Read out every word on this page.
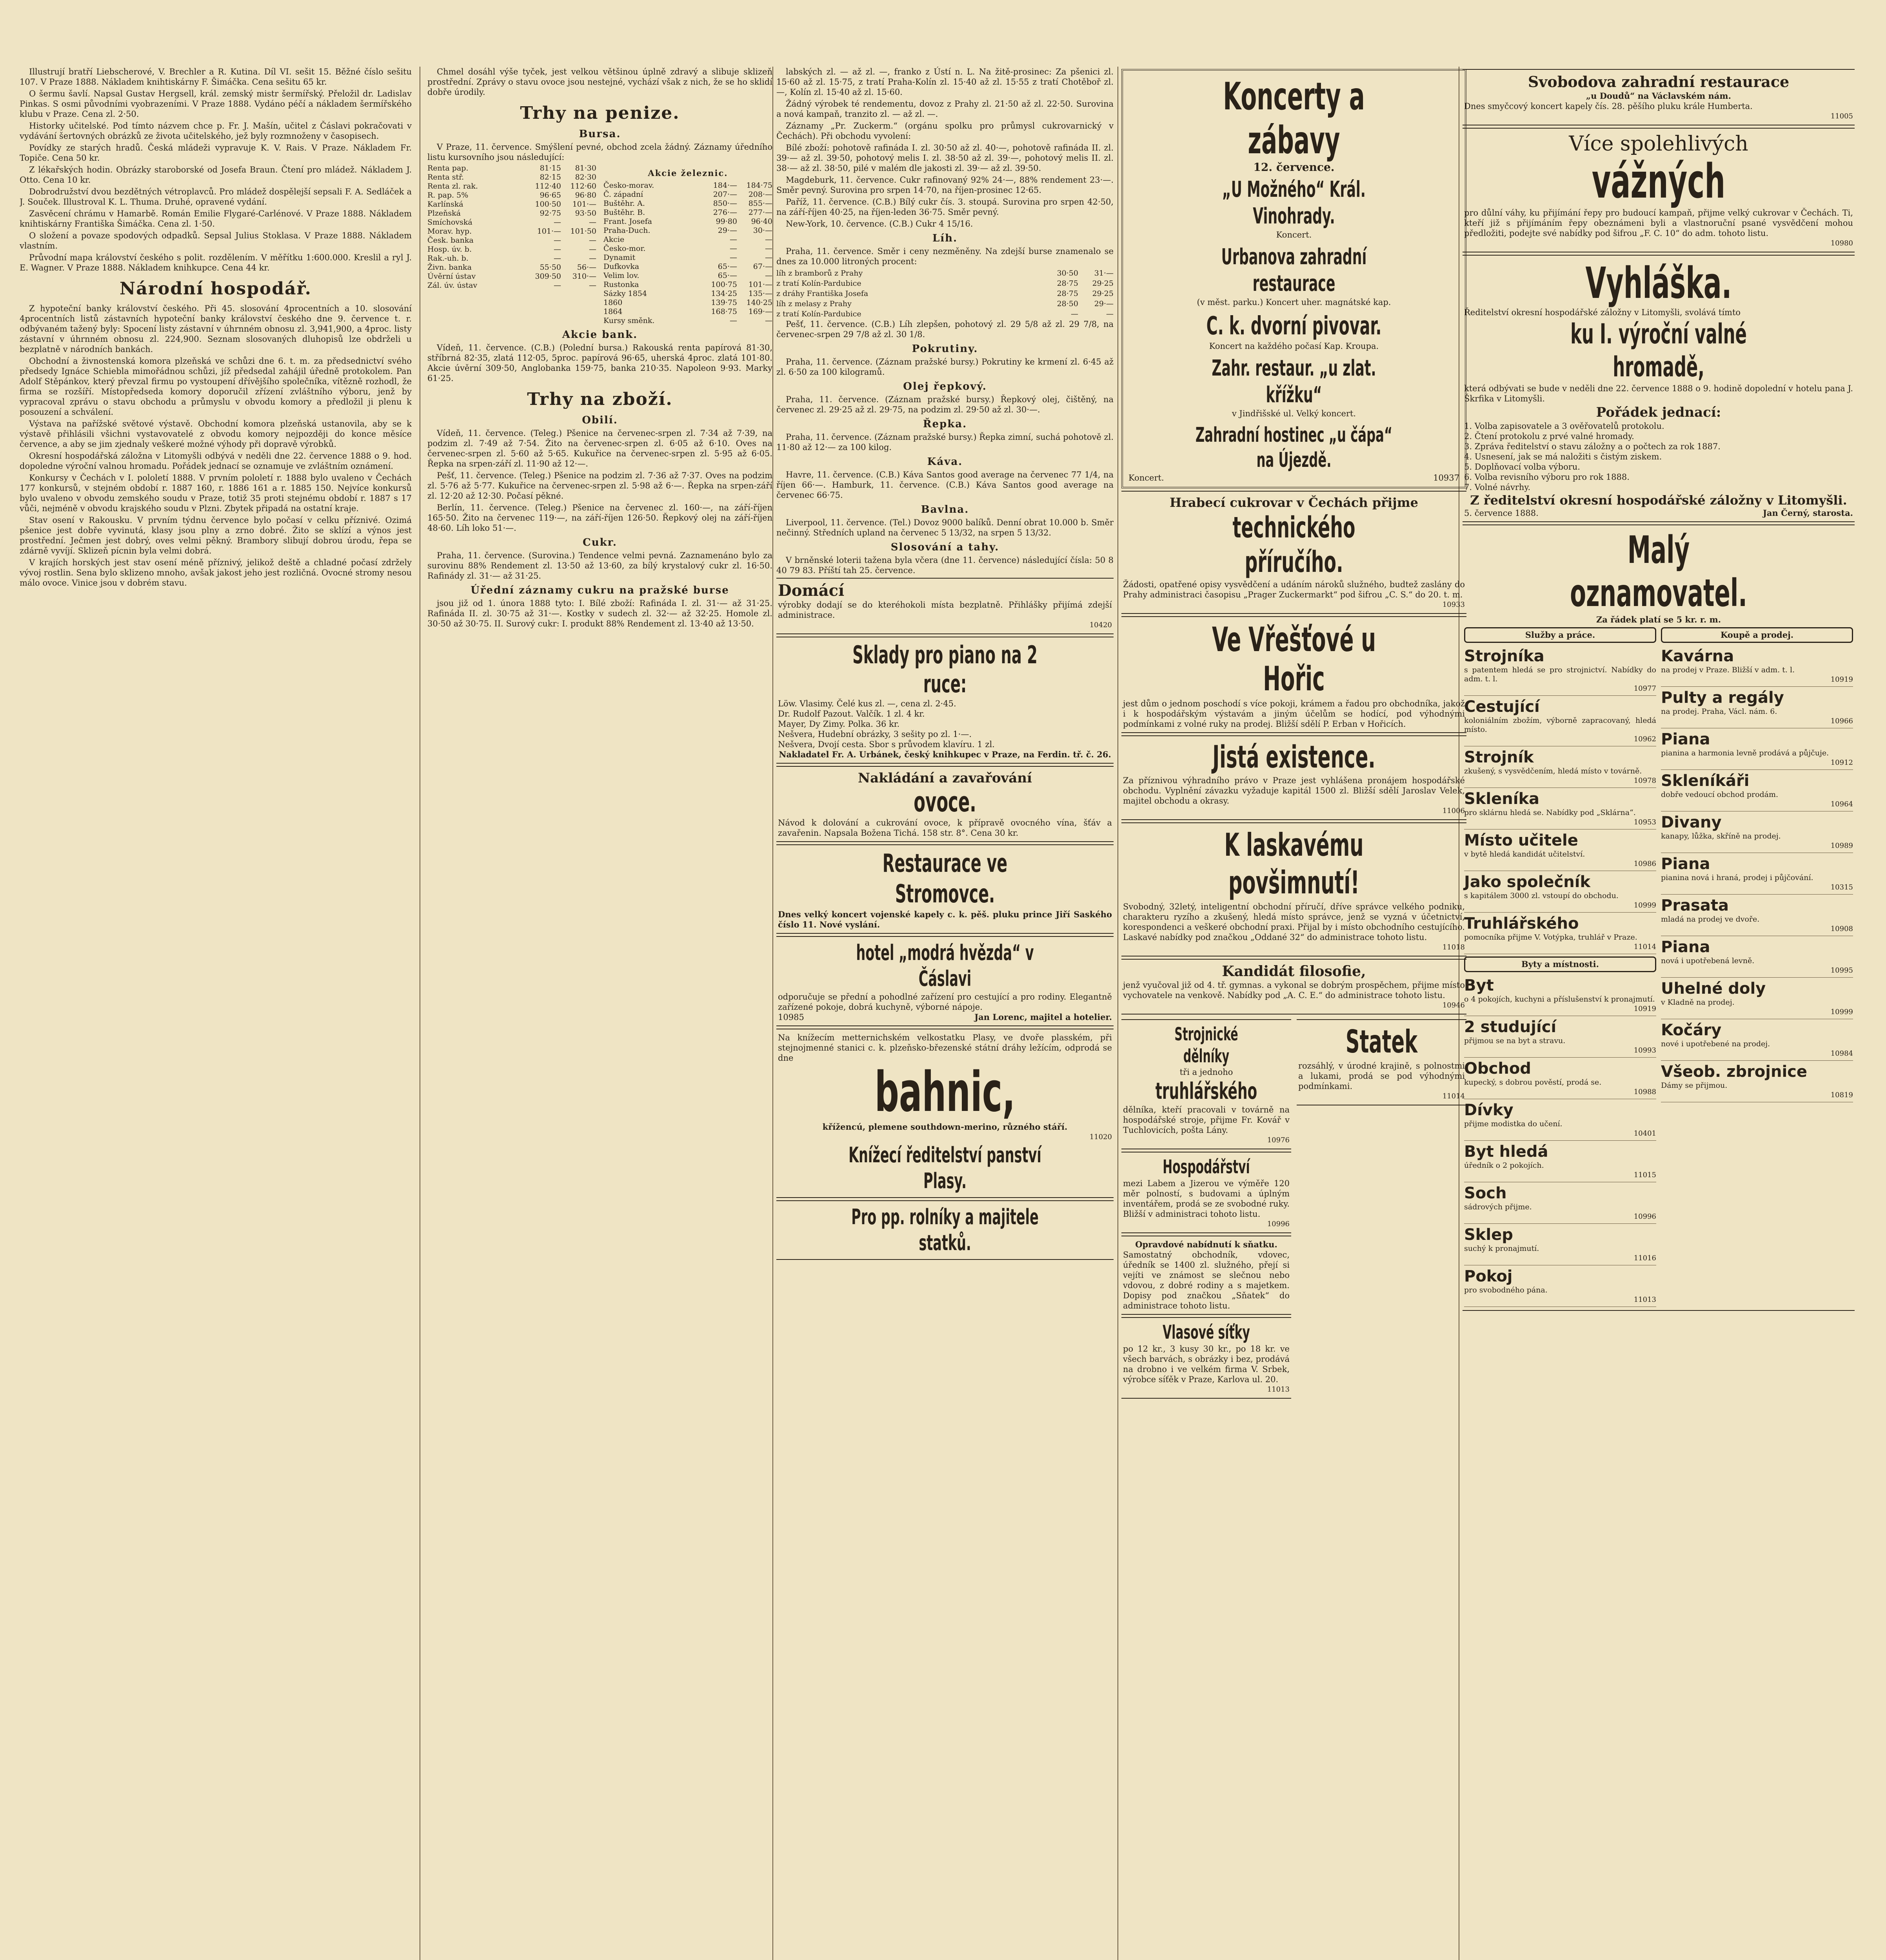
Illustrují bratří Liebscherové, V. Brechler a R. Kutina. Díl VI. sešit 15. Běžné číslo sešitu 107. V Praze 1888. Nákladem knihtiskárny F. Šimáčka. Cena sešitu 65 kr.

O šermu šavlí. Napsal Gustav Hergsell, král. zemský mistr šermířský. Přeložil dr. Ladislav Pinkas. S osmi původními vyobrazeními. V Praze 1888. Vydáno péčí a nákladem šermířského klubu v Praze. Cena zl. 2·50.

Historky učitelské. Pod tímto názvem chce p. Fr. J. Mašín, učitel z Čáslavi pokračovati v vydávání šertovných obrázků ze života učitelského, jež byly rozmnoženy v časopisech.

Povídky ze starých hradů. Česká mládeži vypravuje K. V. Rais. V Praze. Nákladem Fr. Topiče. Cena 50 kr.

Z lékařských hodin. Obrázky staroborské od Josefa Braun. Čtení pro mládež. Nákladem J. Otto. Cena 10 kr.

Dobrodružství dvou bezdětných vétroplavců. Pro mládež dospělejší sepsali F. A. Sedláček a J. Souček. Illustroval K. L. Thuma. Druhé, opravené vydání.

Zasvěcení chrámu v Hamarbě. Román Emilie Flygaré-Carlénové. V Praze 1888. Nákladem knihtiskárny Františka Šimáčka. Cena zl. 1·50.

O složení a povaze spodových odpadků. Sepsal Julius Stoklasa. V Praze 1888. Nákladem vlastním.

Průvodní mapa království českého s polit. rozdělením. V měřítku 1:600.000. Kreslil a ryl J. E. Wagner. V Praze 1888. Nákladem knihkupce. Cena 44 kr.

Národní hospodář.

Z hypoteční banky království českého. Při 45. slosování 4procentních a 10. slosování 4procentních listů zástavních hypoteční banky království českého dne 9. července t. r. odbývaném tažený byly: Spocení listy zástavní v úhrnném obnosu zl. 3,941,900, a 4proc. listy zástavní v úhrnném obnosu zl. 224,900. Seznam slosovaných dluhopisů lze obdrželi u bezplatně v národních bankách.

Obchodní a živnostenská komora plzeňská ve schůzi dne 6. t. m. za předsednictví svého předsedy Ignáce Schiebla mimořádnou schůzi, jíž předsedal zahájil úředně protokolem. Pan Adolf Stěpánkov, který převzal firmu po vystoupení dřívějšího společníka, vítězně rozhodl, že firma se rozšíří. Místopředseda komory doporučil zřízení zvláštního výboru, jenž by vypracoval zprávu o stavu obchodu a průmyslu v obvodu komory a předložil ji plenu k posouzení a schválení.

Výstava na pařížské světové výstavě. Obchodní komora plzeňská ustanovila, aby se k výstavě přihlásili všichni vystavovatelé z obvodu komory nejpozději do konce měsíce července, a aby se jim zjednaly veškeré možné výhody při dopravě výrobků.

Okresní hospodářská záložna v Litomyšli odbývá v neděli dne 22. července 1888 o 9. hod. dopoledne výroční valnou hromadu. Pořádek jednací se oznamuje ve zvláštním oznámení.

Konkursy v Čechách v I. pololetí 1888. V prvním pololetí r. 1888 bylo uvaleno v Čechách 177 konkursů, v stejném období r. 1887 160, r. 1886 161 a r. 1885 150. Nejvíce konkursů bylo uvaleno v obvodu zemského soudu v Praze, totiž 35 proti stejnému období r. 1887 s 17 vůči, nejméně v obvodu krajského soudu v Plzni. Zbytek připadá na ostatní kraje.

Stav osení v Rakousku. V prvním týdnu července bylo počasí v celku příznivé. Ozimá pšenice jest dobře vyvinutá, klasy jsou plny a zrno dobré. Žito se sklízí a výnos jest prostřední. Ječmen jest dobrý, oves velmi pěkný. Brambory slibují dobrou úrodu, řepa se zdárně vyvíjí. Sklizeň pícnin byla velmi dobrá.

V krajích horských jest stav osení méně příznivý, jelikož deště a chladné počasí zdržely vývoj rostlin. Sena bylo sklizeno mnoho, avšak jakost jeho jest rozličná. Ovocné stromy nesou málo ovoce. Vinice jsou v dobrém stavu.

Chmel dosáhl výše tyček, jest velkou většinou úplně zdravý a slibuje sklizeň prostřední. Zprávy o stavu ovoce jsou nestejné, vychází však z nich, že se ho sklidí dobře úrodily.

Trhy na penize.
Bursa.

V Praze, 11. července. Smýšlení pevné, obchod zcela žádný. Záznamy úředního listu kursovního jsou následující:

Renta pap.	81·15	81·30
Renta stř.	82·15	82·30
Renta zl. rak.	112·40	112·60
R. pap. 5%	96·65	96·80
Karlínská	100·50	101·—
Plzeňská	92·75	93·50
Smíchovská	—	—
Morav. hyp.	101·—	101·50
Česk. banka	—	—
Hosp. úv. b.	—	—
Rak.-uh. b.	—	—
Živn. banka	55·50	56·—
Úvěrní ústav	309·50	310·—
Zál. úv. ústav	—	—
Akcie železnic.
Česko-morav.	184·—	184·75
Č. západní	207·—	208·—
Buštěhr. A.	850·—	855·—
Buštěhr. B.	276·—	277·—
Frant. Josefa	99·80	96·40
Praha-Duch.	29·—	30·—
Akcie	—	—
Česko-mor.	—	—
Dynamit	—	—
Dufkovka	65·—	67·—
Velim lov.	65·—	—
Rustonka	100·75	101·—
Sázky 1854	134·25	135·—
1860	139·75	140·25
1864	168·75	169·—
Kursy směnk.	—	—
Akcie bank.

Vídeň, 11. července. (C.B.) (Polední bursa.) Rakouská renta papírová 81·30, stříbrná 82·35, zlatá 112·05, 5proc. papírová 96·65, uherská 4proc. zlatá 101·80. Akcie úvěrní 309·50, Anglobanka 159·75, banka 210·35. Napoleon 9·93. Marky 61·25.

Trhy na zboží.
Obilí.

Vídeň, 11. července. (Teleg.) Pšenice na červenec-srpen zl. 7·34 až 7·39, na podzim zl. 7·49 až 7·54. Žito na červenec-srpen zl. 6·05 až 6·10. Oves na červenec-srpen zl. 5·60 až 5·65. Kukuřice na červenec-srpen zl. 5·95 až 6·05. Řepka na srpen-září zl. 11·90 až 12·—.

Pešť, 11. července. (Teleg.) Pšenice na podzim zl. 7·36 až 7·37. Oves na podzim zl. 5·76 až 5·77. Kukuřice na červenec-srpen zl. 5·98 až 6·—. Řepka na srpen-září zl. 12·20 až 12·30. Počasí pěkné.

Berlín, 11. července. (Teleg.) Pšenice na červenec zl. 160·—, na září-říjen 165·50. Žito na červenec 119·—, na září-říjen 126·50. Řepkový olej na září-říjen 48·60. Líh loko 51·—.

Cukr.

Praha, 11. července. (Surovina.) Tendence velmi pevná. Zaznamenáno bylo za surovinu 88% Rendement zl. 13·50 až 13·60, za bílý krystalový cukr zl. 16·50. Rafinády zl. 31·— až 31·25.

Úřední záznamy cukru na pražské burse

jsou již od 1. února 1888 tyto: I. Bílé zboží: Rafináda I. zl. 31·— až 31·25. Rafináda II. zl. 30·75 až 31·—. Kostky v sudech zl. 32·— až 32·25. Homole zl. 30·50 až 30·75. II. Surový cukr: I. produkt 88% Rendement zl. 13·40 až 13·50.

labských zl. — až zl. —, franko z Ústí n. L. Na žitě-prosinec: Za pšenici zl. 15·60 až zl. 15·75, z tratí Praha-Kolín zl. 15·40 až zl. 15·55 z tratí Chotěboř zl. —, Kolín zl. 15·40 až zl. 15·60.

Žádný výrobek té rendementu, dovoz z Prahy zl. 21·50 až zl. 22·50. Surovina a nová kampaň, tranzito zl. — až zl. —.

Záznamy „Pr. Zuckerm.“ (orgánu spolku pro průmysl cukrovarnický v Čechách). Při obchodu vyvolení:

Bílé zboží: pohotově rafináda I. zl. 30·50 až zl. 40·—, pohotově rafináda II. zl. 39·— až zl. 39·50, pohotový melis I. zl. 38·50 až zl. 39·—, pohotový melis II. zl. 38·— až zl. 38·50, pilé v malém dle jakosti zl. 39·— až zl. 39·50.

Magdeburk, 11. července. Cukr rafinovaný 92% 24·—, 88% rendement 23·—. Směr pevný. Surovina pro srpen 14·70, na říjen-prosinec 12·65.

Paříž, 11. července. (C.B.) Bílý cukr čís. 3. stoupá. Surovina pro srpen 42·50, na září-říjen 40·25, na říjen-leden 36·75. Směr pevný.

New-York, 10. července. (C.B.) Cukr 4 15/16.

Líh.

Praha, 11. července. Směr i ceny nezměněny. Na zdejší burse znamenalo se dnes za 10.000 litroných procent:

líh z bramborů z Prahy	30·50	31·—
z tratí Kolín-Pardubice	28·75	29·25
z dráhy Františka Josefa	28·75	29·25
líh z melasy z Prahy	28·50	29·—
z tratí Kolín-Pardubice	—	—

Pešť, 11. července. (C.B.) Líh zlepšen, pohotový zl. 29 5/8 až zl. 29 7/8, na červenec-srpen 29 7/8 až zl. 30 1/8.

Pokrutiny.

Praha, 11. července. (Záznam pražské bursy.) Pokrutiny ke krmení zl. 6·45 až zl. 6·50 za 100 kilogramů.

Olej řepkový.

Praha, 11. července. (Záznam pražské bursy.) Řepkový olej, čištěný, na červenec zl. 29·25 až zl. 29·75, na podzim zl. 29·50 až zl. 30·—.

Řepka.

Praha, 11. července. (Záznam pražské bursy.) Řepka zimní, suchá pohotově zl. 11·80 až 12·— za 100 kilog.

Káva.

Havre, 11. července. (C.B.) Káva Santos good average na červenec 77 1/4, na říjen 66·—. Hamburk, 11. července. (C.B.) Káva Santos good average na červenec 66·75.

Bavlna.

Liverpool, 11. července. (Tel.) Dovoz 9000 balíků. Denní obrat 10.000 b. Směr nečinný. Středních upland na červenec 5 13/32, na srpen 5 13/32.

Slosování a tahy.

V brněnské loterii tažena byla včera (dne 11. července) následující čísla: 50 8 40 79 83. Příští tah 25. července.

Domácí
výrobky dodají se do kteréhokoli místa bezplatně. Přihlášky přijímá zdejší administrace.
10420
Sklady pro piano na 2 ruce:
Löw. Vlasimy. Čelé kus zl. —, cena zl. 2·45.
Dr. Rudolf Pazout. Valčík. 1 zl. 4 kr.
Mayer, Dy Zimy. Polka. 36 kr.
Nešvera, Hudební obrázky, 3 sešity po zl. 1·—.
Nešvera, Dvojí cesta. Sbor s průvodem klavíru. 1 zl.
Nakladatel Fr. A. Urbánek, český knihkupec v Praze, na Ferdin. tř. č. 26.
Nakládání a zavařování
ovoce.
Návod k dolování a cukrování ovoce, k přípravě ovocného vína, šťáv a zavařenin. Napsala Božena Tichá. 158 str. 8°. Cena 30 kr.
Restaurace ve Stromovce.
Dnes velký koncert vojenské kapely c. k. pěš. pluku prince Jiří Saského číslo 11. Nové vyslání.
hotel „modrá hvězda“ v Čáslavi
odporučuje se přední a pohodlné zařízení pro cestující a pro rodiny. Elegantně zařízené pokoje, dobrá kuchyně, výborné nápoje.
10985	Jan Lorenc, majitel a hotelier.
Na knížecím metternichském velkostatku Plasy, ve dvoře plasském, při stejnojmenné stanici c. k. plzeňsko-březenské státní dráhy ležícím, odprodá se dne
bahnic,
křížencú, plemene southdown-merino, různého stáří.
11020
Knížecí ředitelství panství Plasy.
Pro pp. rolníky a majitele statků.
Koncerty a zábavy
12. července.
„U Možného“ Král. Vinohrady.
Koncert.
Urbanova zahradní restaurace
(v měst. parku.) Koncert uher. magnátské kap.
C. k. dvorní pivovar.
Koncert na každého počasí Kap. Kroupa.
Zahr. restaur. „u zlat. křížku“
v Jindřišské ul. Velký koncert.
Zahradní hostinec „u čápa“ na Újezdě.
Koncert.	10937
Hrabecí cukrovar v Čechách přijme
technického příručího.
Žádosti, opatřené opisy vysvědčení a udáním nároků služného, budtež zaslány do Prahy administraci časopisu „Prager Zuckermarkt“ pod šifrou „C. S.“ do 20. t. m.
10933
Ve Vřešťové u Hořic
jest dům o jednom poschodí s více pokoji, krámem a řadou pro obchodníka, jakož i k hospodářským výstavám a jiným účelům se hodící, pod výhodnými podmínkami z volné ruky na prodej. Bližší sdělí P. Erban v Hořicích.
Jistá existence.
Za příznivou výhradního právo v Praze jest vyhlášena pronájem hospodářské obchodu. Vyplnění závazku vyžaduje kapitál 1500 zl. Bližší sdělí Jaroslav Velek, majitel obchodu a okrasy.
11006
K laskavému povšimnutí!
Svobodný, 32letý, inteligentní obchodní příručí, dříve správce velkého podniku, charakteru ryzího a zkušený, hledá místo správce, jenž se vyzná v účetnictví, korespondenci a veškeré obchodní praxi. Přijal by i místo obchodního cestujícího. Laskavé nabídky pod značkou „Oddané 32“ do administrace tohoto listu.
11018
Kandidát filosofie,
jenž vyučoval již od 4. tř. gymnas. a vykonal se dobrým prospěchem, přijme místo vychovatele na venkově. Nabídky pod „A. C. E.“ do administrace tohoto listu.
10946
Strojnické dělníky
tři a jednoho
truhlářského
dělníka, kteří pracovali v továrně na hospodářské stroje, přijme Fr. Kovář v Tuchlovicích, pošta Lány.
10976
Hospodářství
mezi Labem a Jizerou ve výměře 120 měr polností, s budovami a úplným inventářem, prodá se ze svobodné ruky. Bližší v administraci tohoto listu.
10996
Opravdové nabídnutí k sňatku.
Samostatný obchodník, vdovec, úředník se 1400 zl. služného, přejí si vejíti ve známost se slečnou nebo vdovou, z dobré rodiny a s majetkem. Dopisy pod značkou „Sňatek“ do administrace tohoto listu.
Vlasové síťky
po 12 kr., 3 kusy 30 kr., po 18 kr. ve všech barvách, s obrázky i bez, prodává na drobno i ve velkém firma V. Srbek, výrobce síťěk v Praze, Karlova ul. 20.
11013
Statek
rozsáhlý, v úrodné krajině, s polnostmi a lukami, prodá se pod výhodnými podmínkami.
11014
Svobodova zahradní restaurace
„u Doudů“ na Václavském nám.
Dnes smyčcový koncert kapely čís. 28. pěšího pluku krále Humberta.
11005
Více spolehlivých
vážných
pro důlní váhy, ku přijímání řepy pro budoucí kampaň, přijme velký cukrovar v Čechách. Ti, kteří již s přijímáním řepy obeznámeni byli a vlastnoruční psané vysvědčení mohou předložiti, podejte své nabídky pod šifrou „F. C. 10“ do adm. tohoto listu.
10980
Vyhláška.
Ředitelství okresní hospodářské záložny v Litomyšli, svolává tímto
ku I. výroční valné hromadě,
která odbývati se bude v neděli dne 22. července 1888 o 9. hodině dopolední v hotelu pana J. Škrfika v Litomyšli.
Pořádek jednací:
1. Volba zapisovatele a 3 ověřovatelů protokolu.
2. Čtení protokolu z prvé valné hromady.
3. Zpráva ředitelství o stavu záložny a o počtech za rok 1887.
4. Usnesení, jak se má naložiti s čistým ziskem.
5. Doplňovací volba výboru.
6. Volba revisního výboru pro rok 1888.
7. Volné návrhy.
Z ředitelství okresní hospodářské záložny v Litomyšli.
5. července 1888.	Jan Černý, starosta.
Malý oznamovatel.
Za řádek platí se 5 kr. r. m.
Služby a práce.
Strojníka
s patentem hledá se pro strojnictví. Nabídky do adm. t. l.
10977
Cestující
koloniálním zbožím, výborně zapracovaný, hledá místo.
10962
Strojník
zkušený, s vysvědčením, hledá místo v továrně.
10978
Skleníka
pro sklárnu hledá se. Nabídky pod „Sklárna“.
10953
Místo učitele
v bytě hledá kandidát učitelství.
10986
Jako společník
s kapitálem 3000 zl. vstoupí do obchodu.
10999
Truhlářského
pomocníka přijme V. Votýpka, truhlář v Praze.
11014
Byty a místnosti.
Byt
o 4 pokojích, kuchyni a příslušenství k pronajmutí.
10919
2 studující
přijmou se na byt a stravu.
10993
Obchod
kupecký, s dobrou pověstí, prodá se.
10988
Dívky
přijme modistka do učení.
10401
Byt hledá
úředník o 2 pokojích.
11015
Soch
sádrových přijme.
10996
Sklep
suchý k pronajmutí.
11016
Pokoj
pro svobodného pána.
11013
Koupě a prodej.
Kavárna
na prodej v Praze. Bližší v adm. t. l.
10919
Pulty a regály
na prodej. Praha, Václ. nám. 6.
10966
Piana
pianina a harmonia levně prodává a půjčuje.
10912
Skleníkáři
dobře vedoucí obchod prodám.
10964
Divany
kanapy, lůžka, skříně na prodej.
10989
Piana
pianina nová i hraná, prodej i půjčování.
10315
Prasata
mladá na prodej ve dvoře.
10908
Piana
nová i upotřebená levně.
10995
Uhelné doly
v Kladně na prodej.
10999
Kočáry
nové i upotřebené na prodej.
10984
Všeob. zbrojnice
Dámy se přijmou.
10819
